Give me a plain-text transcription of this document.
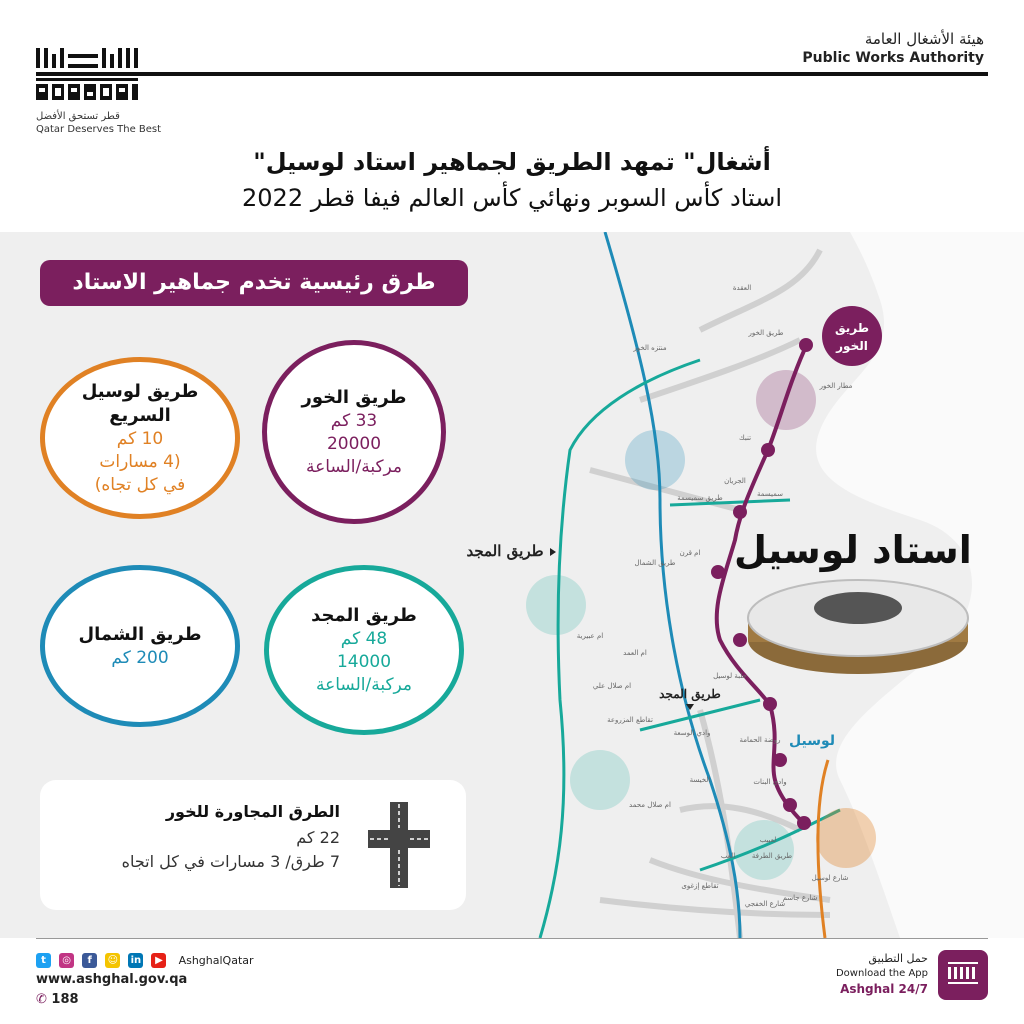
قطر تستحق الأفضل
Qatar Deserves The Best
هيئة الأشغال العامة
Public Works Authority
أشغال" تمهد الطريق لجماهير استاد لوسيل"
استاد كأس السوبر ونهائي كأس العالم فيفا قطر 2022
طريق
الخور
لوسيل
طريق المجد
طريق المجد
العقدة
منتزه الخور
مطار الخور
طريق الخور
تنبك
الجريان
سميسمة
طريق سميسمة
ام قرن
طريق الشمال
ام عبيرية
ام العمد
ام صلال علي
حلبة لوسيل
تقاطع المزروعة
وادي الوسعة
روضة الحمامة
الخيسة
ام صلال محمد
وادي البنات
لعبيب
الغب طريق الطرفة
تقاطع إزغوى
شارع الخفجي
شارع لوسيل
شارع جاسم
استاد لوسيل
طرق رئيسية تخدم جماهير الاستاد
طريق الخور
33 كم
20000
مركبة/الساعة
طريق لوسيل
السريع
10 كم
(4 مسارات
في كل تجاه)
طريق المجد
48 كم
14000
مركبة/الساعة
طريق الشمال
200 كم
الطرق المجاورة للخور
22 كم
7 طرق/ 3 مسارات في كل اتجاه
t ◎ f ☺ in ▶ AshghalQatar
www.ashghal.gov.qa
✆ 188
حمل التطبيق
Download the App
Ashghal 24/7
